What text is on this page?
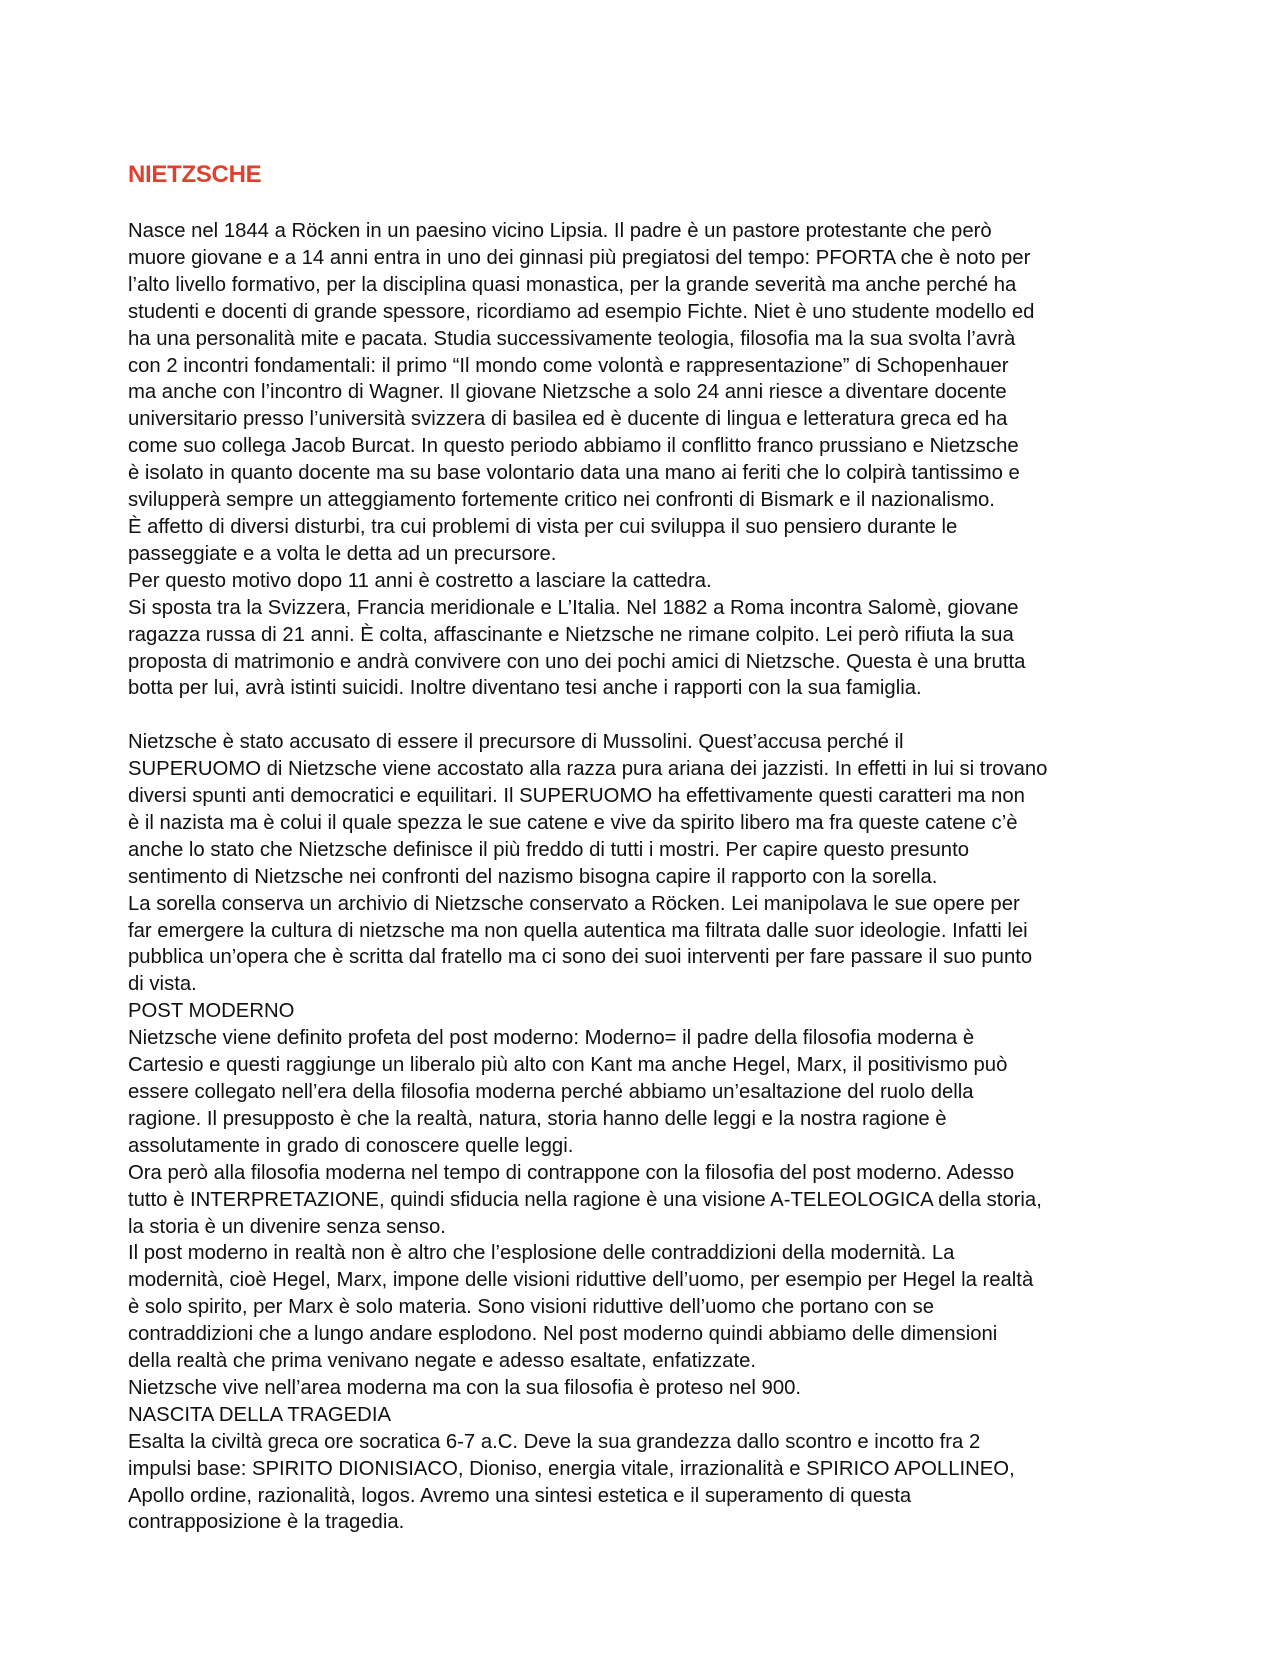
NIETZSCHE
Nasce nel 1844 a Röcken in un paesino vicino Lipsia. Il padre è un pastore protestante che però
muore giovane e a 14 anni entra in uno dei ginnasi più pregiatosi del tempo: PFORTA che è noto per
l’alto livello formativo, per la disciplina quasi monastica, per la grande severità ma anche perché ha
studenti e docenti di grande spessore, ricordiamo ad esempio Fichte. Niet è uno studente modello ed
ha una personalità mite e pacata. Studia successivamente teologia, filosofia ma la sua svolta l’avrà
con 2 incontri fondamentali: il primo “Il mondo come volontà e rappresentazione” di Schopenhauer
ma anche con l’incontro di Wagner. Il giovane Nietzsche a solo 24 anni riesce a diventare docente
universitario presso l’università svizzera di basilea ed è ducente di lingua e letteratura greca ed ha
come suo collega Jacob Burcat. In questo periodo abbiamo il conflitto franco prussiano e Nietzsche
è isolato in quanto docente ma su base volontario data una mano ai feriti che lo colpirà tantissimo e
svilupperà sempre un atteggiamento fortemente critico nei confronti di Bismark e il nazionalismo.
È affetto di diversi disturbi, tra cui problemi di vista per cui sviluppa il suo pensiero durante le
passeggiate e a volta le detta ad un precursore.
Per questo motivo dopo 11 anni è costretto a lasciare la cattedra.
Si sposta tra la Svizzera, Francia meridionale e L’Italia. Nel 1882 a Roma incontra Salomè, giovane
ragazza russa di 21 anni. È colta, affascinante e Nietzsche ne rimane colpito. Lei però rifiuta la sua
proposta di matrimonio e andrà convivere con uno dei pochi amici di Nietzsche. Questa è una brutta
botta per lui, avrà istinti suicidi. Inoltre diventano tesi anche i rapporti con la sua famiglia.
Nietzsche è stato accusato di essere il precursore di Mussolini. Quest’accusa perché il
SUPERUOMO di Nietzsche viene accostato alla razza pura ariana dei jazzisti. In effetti in lui si trovano
diversi spunti anti democratici e equilitari. Il SUPERUOMO ha effettivamente questi caratteri ma non
è il nazista ma è colui il quale spezza le sue catene e vive da spirito libero ma fra queste catene c’è
anche lo stato che Nietzsche definisce il più freddo di tutti i mostri. Per capire questo presunto
sentimento di Nietzsche nei confronti del nazismo bisogna capire il rapporto con la sorella.
La sorella conserva un archivio di Nietzsche conservato a Röcken. Lei manipolava le sue opere per
far emergere la cultura di nietzsche ma non quella autentica ma filtrata dalle suor ideologie. Infatti lei
pubblica un’opera che è scritta dal fratello ma ci sono dei suoi interventi per fare passare il suo punto
di vista.
POST MODERNO
Nietzsche viene definito profeta del post moderno: Moderno= il padre della filosofia moderna è
Cartesio e questi raggiunge un liberalo più alto con Kant ma anche Hegel, Marx, il positivismo può
essere collegato nell’era della filosofia moderna perché abbiamo un’esaltazione del ruolo della
ragione. Il presupposto è che la realtà, natura, storia hanno delle leggi e la nostra ragione è
assolutamente in grado di conoscere quelle leggi.
Ora però alla filosofia moderna nel tempo di contrappone con la filosofia del post moderno. Adesso
tutto è INTERPRETAZIONE, quindi sfiducia nella ragione è una visione A-TELEOLOGICA della storia,
la storia è un divenire senza senso.
Il post moderno in realtà non è altro che l’esplosione delle contraddizioni della modernità. La
modernità, cioè Hegel, Marx, impone delle visioni riduttive dell’uomo, per esempio per Hegel la realtà
è solo spirito, per Marx è solo materia. Sono visioni riduttive dell’uomo che portano con se
contraddizioni che a lungo andare esplodono. Nel post moderno quindi abbiamo delle dimensioni
della realtà che prima venivano negate e adesso esaltate, enfatizzate.
Nietzsche vive nell’area moderna ma con la sua filosofia è proteso nel 900.
NASCITA DELLA TRAGEDIA
Esalta la civiltà greca ore socratica 6-7 a.C. Deve la sua grandezza dallo scontro e incotto fra 2
impulsi base: SPIRITO DIONISIACO, Dioniso, energia vitale, irrazionalità e SPIRICO APOLLINEO,
Apollo ordine, razionalità, logos. Avremo una sintesi estetica e il superamento di questa
contrapposizione è la tragedia.
